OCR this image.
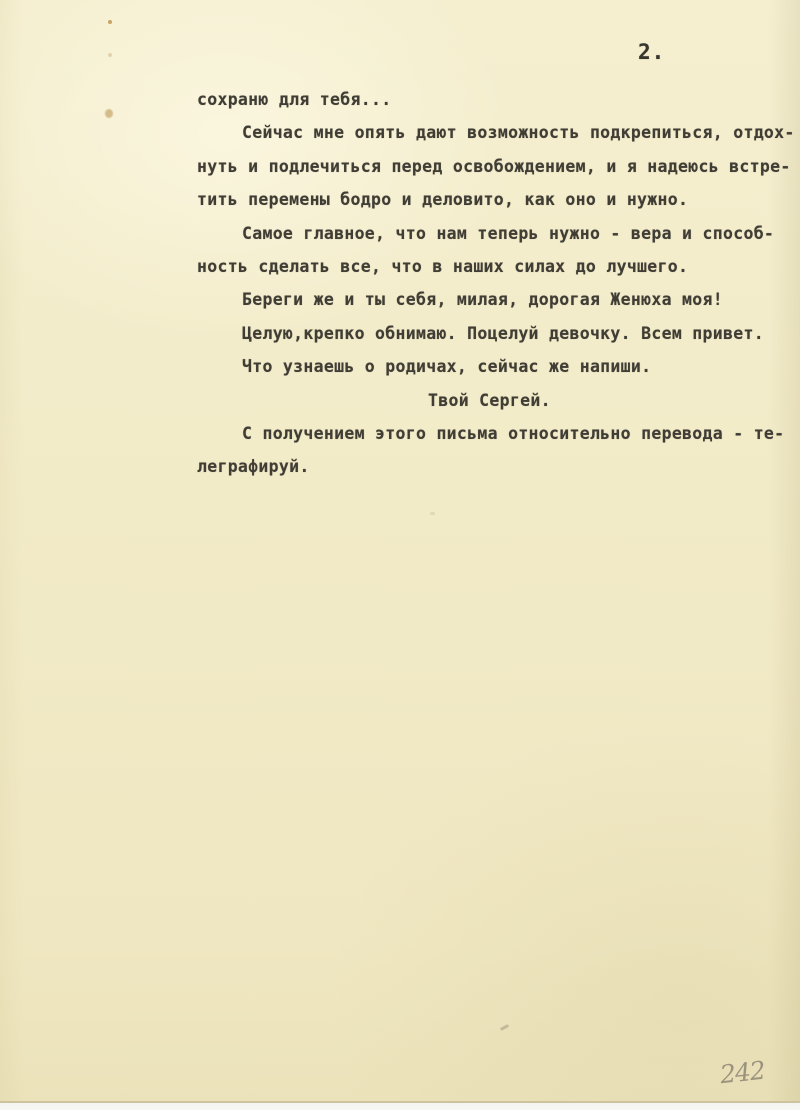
2.
сохраню для тебя...
Сейчас мне опять дают возможность подкрепиться, отдох-
нуть и подлечиться перед освобождением, и я надеюсь встре-
тить перемены бодро и деловито, как оно и нужно.
Самое главное, что нам теперь нужно - вера и способ-
ность сделать все, что в наших силах до лучшего.
Береги же и ты себя, милая, дорогая Женюха моя!
Целую,крепко обнимаю. Поцелуй девочку. Всем привет.
Что узнаешь о родичах, сейчас же напиши.
Твой Сергей.
С получением этого письма относительно перевода - те-
леграфируй.
242
